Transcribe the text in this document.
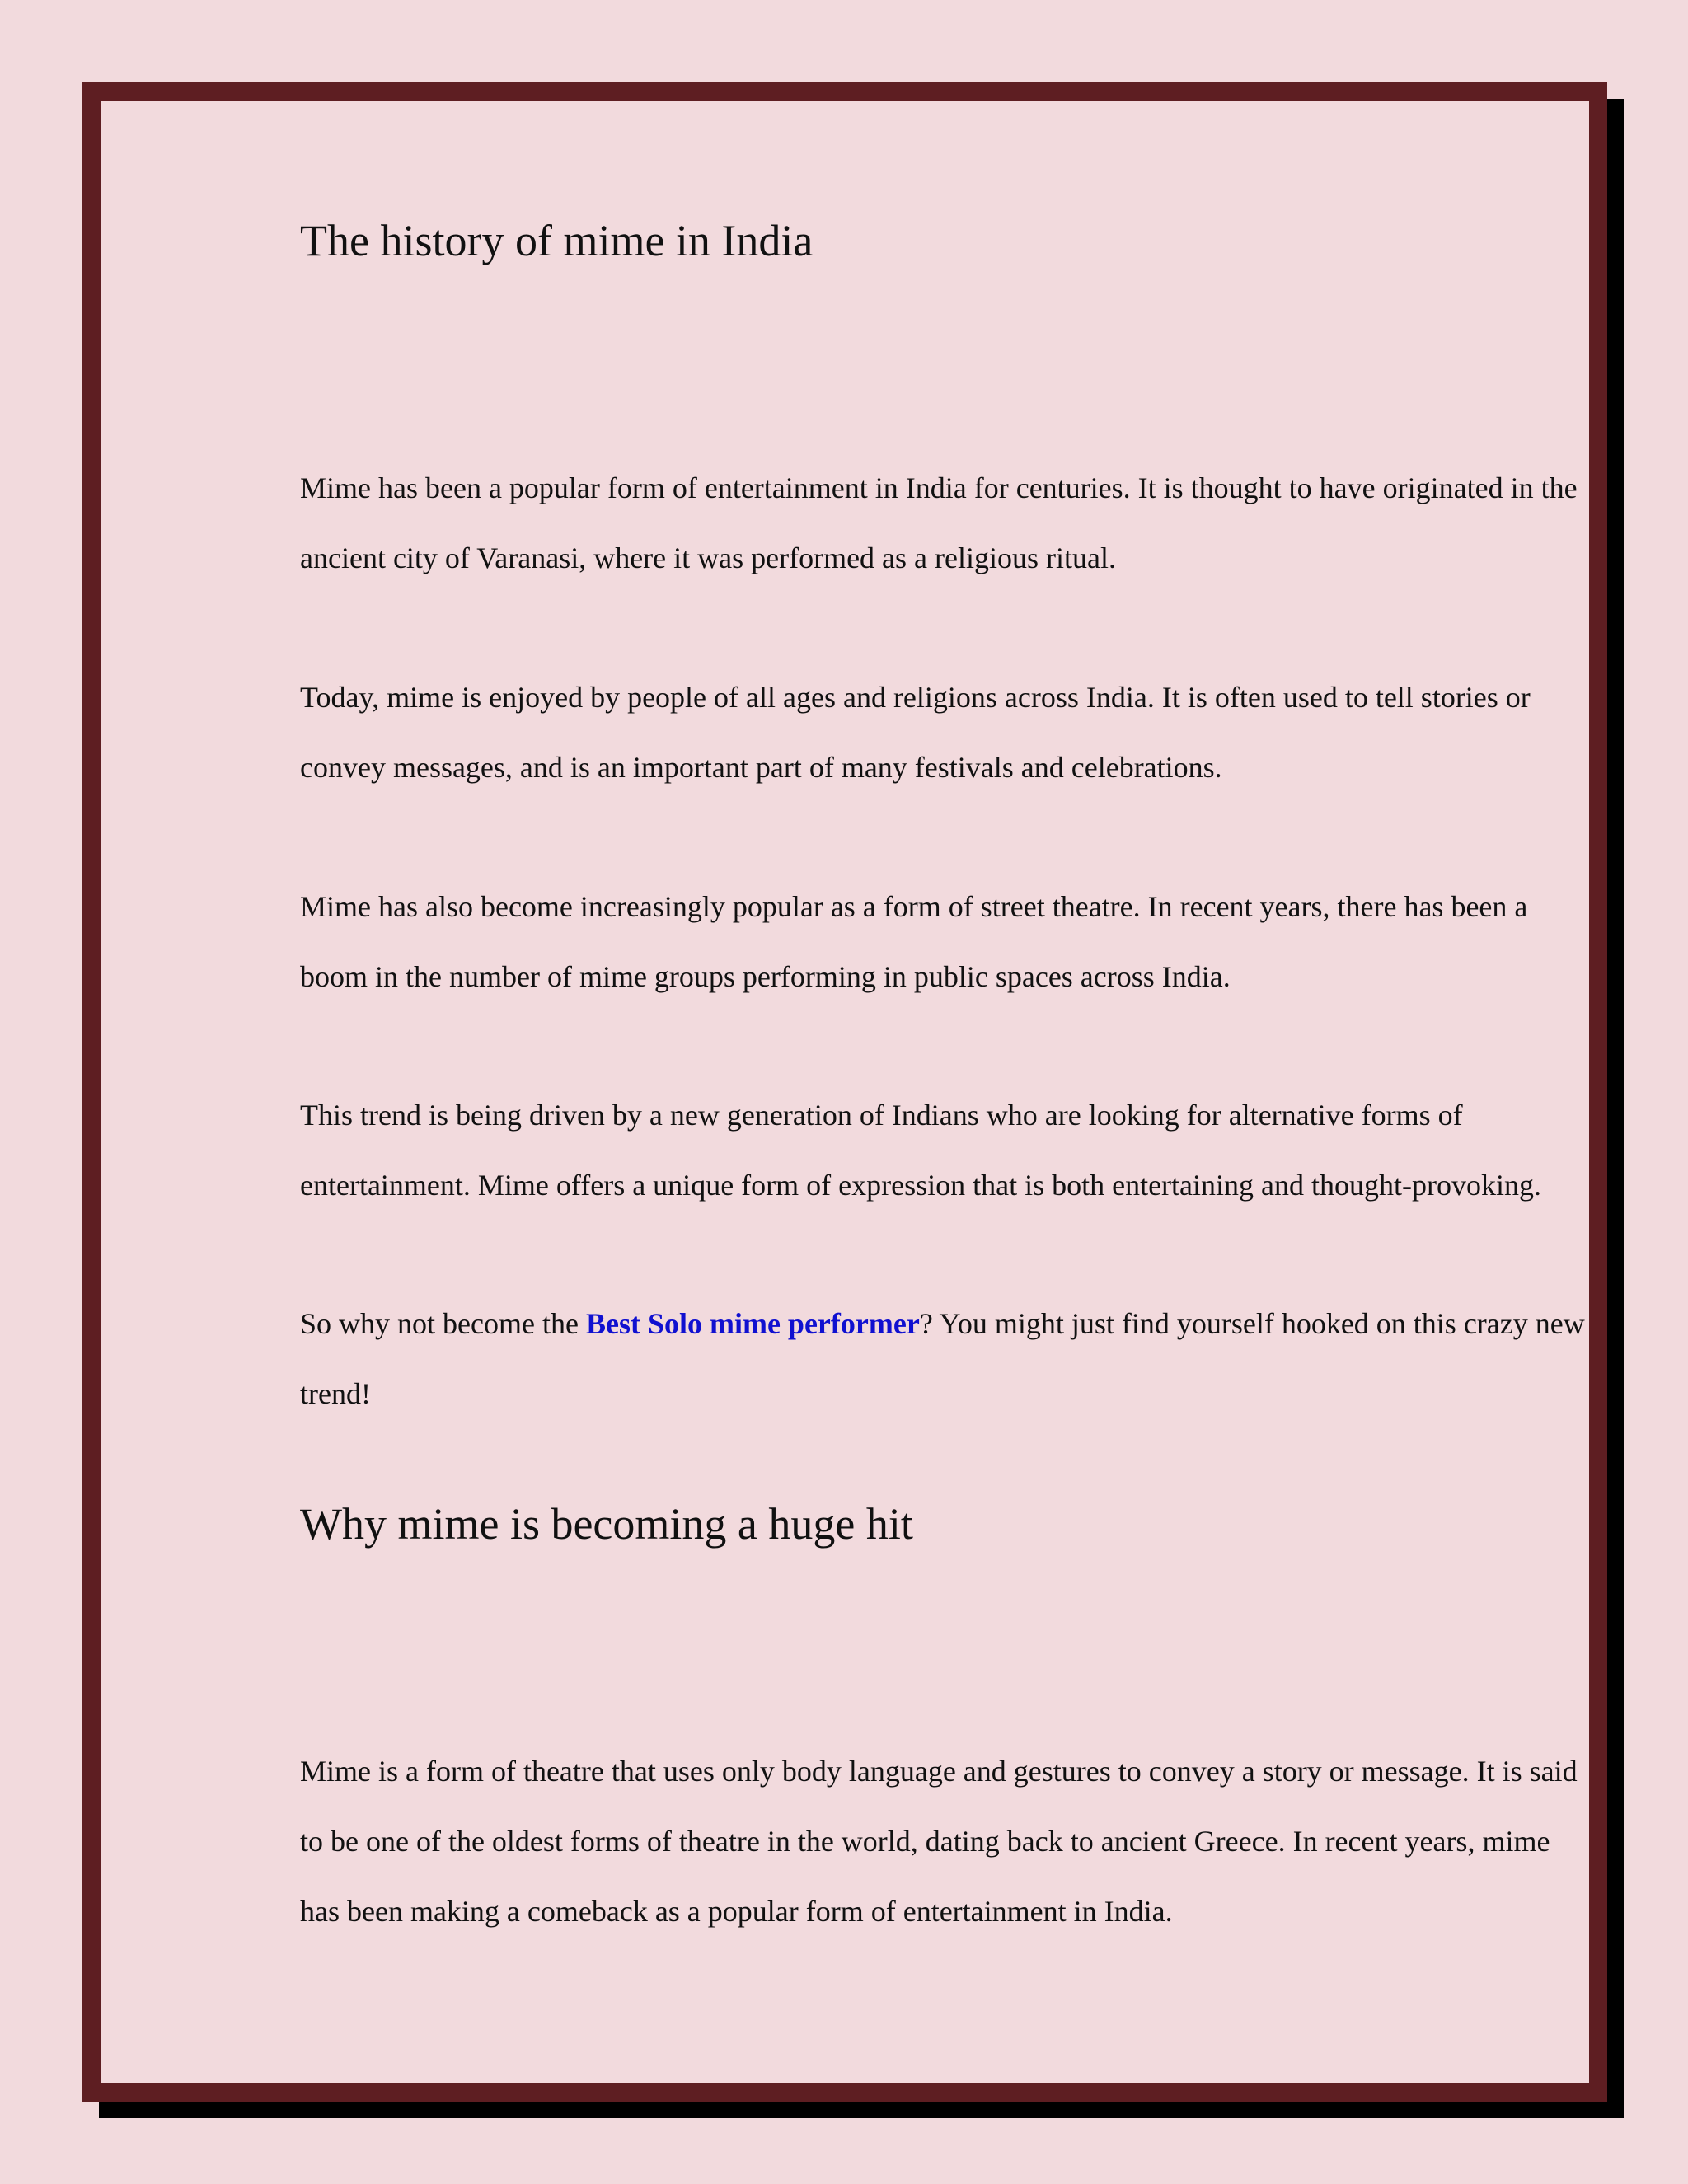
The history of mime in India

Mime has been a popular form of entertainment in India for centuries. It is thought to have originated in the ancient city of Varanasi, where it was performed as a religious ritual.

Today, mime is enjoyed by people of all ages and religions across India. It is often used to tell stories or convey messages, and is an important part of many festivals and celebrations.

Mime has also become increasingly popular as a form of street theatre. In recent years, there has been a boom in the number of mime groups performing in public spaces across India.

This trend is being driven by a new generation of Indians who are looking for alternative forms of entertainment. Mime offers a unique form of expression that is both entertaining and thought-provoking.

So why not become the Best Solo mime performer? You might just find yourself hooked on this crazy new trend!

Why mime is becoming a huge hit

Mime is a form of theatre that uses only body language and gestures to convey a story or message. It is said to be one of the oldest forms of theatre in the world, dating back to ancient Greece. In recent years, mime has been making a comeback as a popular form of entertainment in India.
